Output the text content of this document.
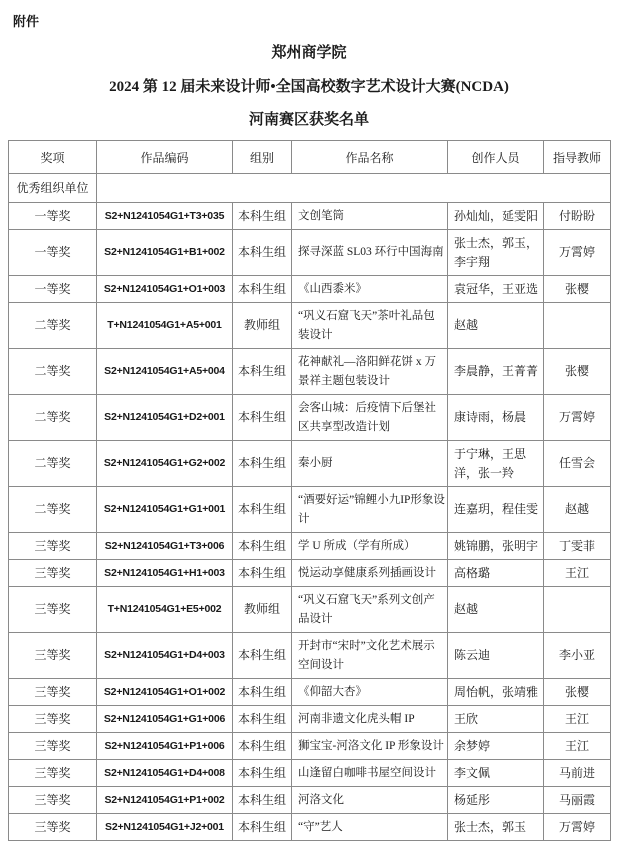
附件
郑州商学院
2024 第 12 届未来设计师•全国高校数字艺术设计大赛(NCDA)
河南赛区获奖名单
奖项	作品编码	组别	作品名称	创作人员	指导教师
优秀组织单位					
一等奖	S2+N1241054G1+T3+035	本科生组	文创笔筒	孙灿灿，延雯阳	付盼盼
一等奖	S2+N1241054G1+B1+002	本科生组	探寻深蓝 SL03 环行中国海南	张士杰，郭玉，李宇翔	万霄婷
一等奖	S2+N1241054G1+O1+003	本科生组	《山西黍米》	袁冠华，王亚选	张樱
二等奖	T+N1241054G1+A5+001	教师组	“巩义石窟飞天”茶叶礼品包装设计	赵越	
二等奖	S2+N1241054G1+A5+004	本科生组	花神献礼—洛阳鲜花饼 x 万景祥主题包装设计	李晨静，王菁菁	张樱
二等奖	S2+N1241054G1+D2+001	本科生组	会客山城：后疫情下后堡社区共享型改造计划	康诗雨，杨晨	万霄婷
二等奖	S2+N1241054G1+G2+002	本科生组	秦小厨	于宁琳，王思洋，张一羚	任雪会
二等奖	S2+N1241054G1+G1+001	本科生组	“酒要好运”锦鲤小九IP形象设计	连嘉玥，程佳雯	赵越
三等奖	S2+N1241054G1+T3+006	本科生组	学 U 所成（学有所成）	姚锦鹏，张明宇	丁雯菲
三等奖	S2+N1241054G1+H1+003	本科生组	悦运动享健康系列插画设计	高格璐	王江
三等奖	T+N1241054G1+E5+002	教师组	“巩义石窟飞天”系列文创产品设计	赵越	
三等奖	S2+N1241054G1+D4+003	本科生组	开封市“宋时”文化艺术展示空间设计	陈云迪	李小亚
三等奖	S2+N1241054G1+O1+002	本科生组	《仰韶大杏》	周怡帆，张靖雅	张樱
三等奖	S2+N1241054G1+G1+006	本科生组	河南非遗文化虎头帽 IP	王欣	王江
三等奖	S2+N1241054G1+P1+006	本科生组	狮宝宝-河洛文化 IP 形象设计	余梦婷	王江
三等奖	S2+N1241054G1+D4+008	本科生组	山逢留白咖啡书屋空间设计	李文佩	马前进
三等奖	S2+N1241054G1+P1+002	本科生组	河洛文化	杨延彤	马丽霞
三等奖	S2+N1241054G1+J2+001	本科生组	“守”艺人	张士杰，郭玉	万霄婷
